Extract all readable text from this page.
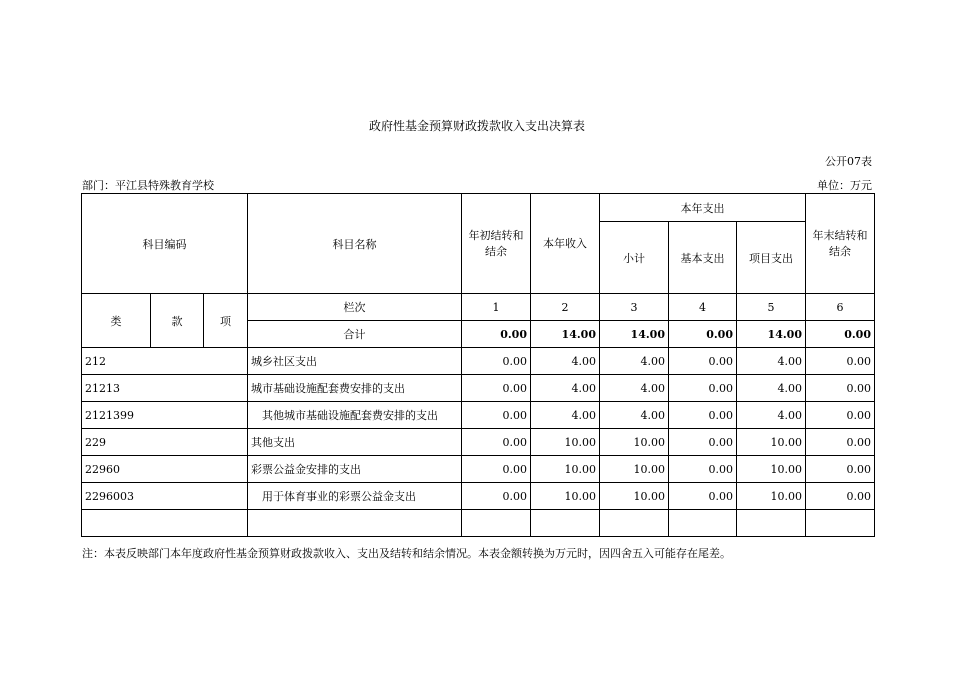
政府性基金预算财政拨款收入支出决算表
公开07表
部门：平江县特殊教育学校	单位：万元
科目编码			科目名称	年初结转和结余	本年收入	本年支出			年末结转和结余
						小计	基本支出	项目支出	
类	款	项	栏次	1	2	3	4	5	6
			合计	0.00	14.00	14.00	0.00	14.00	0.00
212			城乡社区支出	0.00	4.00	4.00	0.00	4.00	0.00
21213			城市基础设施配套费安排的支出	0.00	4.00	4.00	0.00	4.00	0.00
2121399			其他城市基础设施配套费安排的支出	0.00	4.00	4.00	0.00	4.00	0.00
229			其他支出	0.00	10.00	10.00	0.00	10.00	0.00
22960			彩票公益金安排的支出	0.00	10.00	10.00	0.00	10.00	0.00
2296003			用于体育事业的彩票公益金支出	0.00	10.00	10.00	0.00	10.00	0.00

注：本表反映部门本年度政府性基金预算财政拨款收入、支出及结转和结余情况。本表金额转换为万元时，因四舍五入可能存在尾差。
